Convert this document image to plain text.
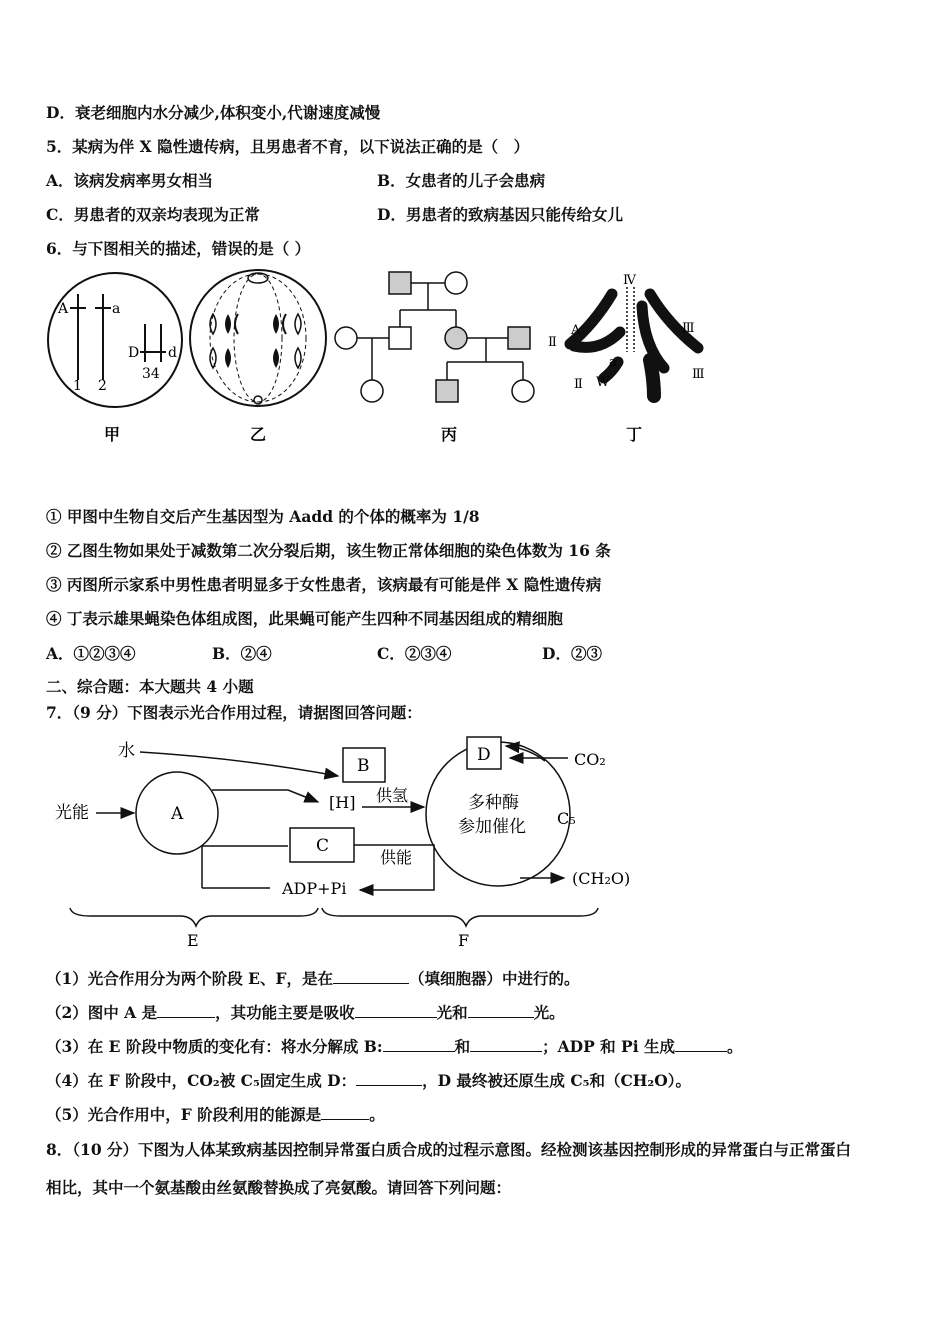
D．衰老细胞内水分减少,体积变小,代谢速度减慢
5．某病为伴 X 隐性遗传病，且男患者不育，以下说法正确的是（　）
A．该病发病率男女相当	B．女患者的儿子会患病
C．男患者的双亲均表现为正常	D．男患者的致病基因只能传给女儿
6．与下图相关的描述，错误的是（ ）
A	a
D d
1 2
34
甲	乙	丙
Ⅳ
Ⅱ
Ⅲ
A
a
Ⅱ W
Ⅲ
丁
① 甲图中生物自交后产生基因型为 Aadd 的个体的概率为 1/8
② 乙图生物如果处于减数第二次分裂后期，该生物正常体细胞的染色体数为 16 条
③ 丙图所示家系中男性患者明显多于女性患者，该病最有可能是伴 X 隐性遗传病
④ 丁表示雄果蝇染色体组成图，此果蝇可能产生四种不同基因组成的精细胞
A．①②③④	B．②④	C．②③④	D．②③
二、综合题：本大题共 4 小题
7．（9 分）下图表示光合作用过程，请据图回答问题：
水
光能	A
B
[H] 供氢
C
ADP+Pi
供能
多种酶
参加催化
D	CO₂
C₅
(CH₂O)
E	F
（1）光合作用分为两个阶段 E、F，是在	（填细胞器）中进行的。
（2）图中 A 是	，其功能主要是吸收	光和	光。
（3）在 E 阶段中物质的变化有：将水分解成 B:	和	；ADP 和 Pi 生成	。
（4）在 F 阶段中，CO₂被 C₅固定生成 D：	，D 最终被还原生成 C₅和（CH₂O）。
（5）光合作用中，F 阶段利用的能源是	。
8．（10 分）下图为人体某致病基因控制异常蛋白质合成的过程示意图。经检测该基因控制形成的异常蛋白与正常蛋白
相比，其中一个氨基酸由丝氨酸替换成了亮氨酸。请回答下列问题：
